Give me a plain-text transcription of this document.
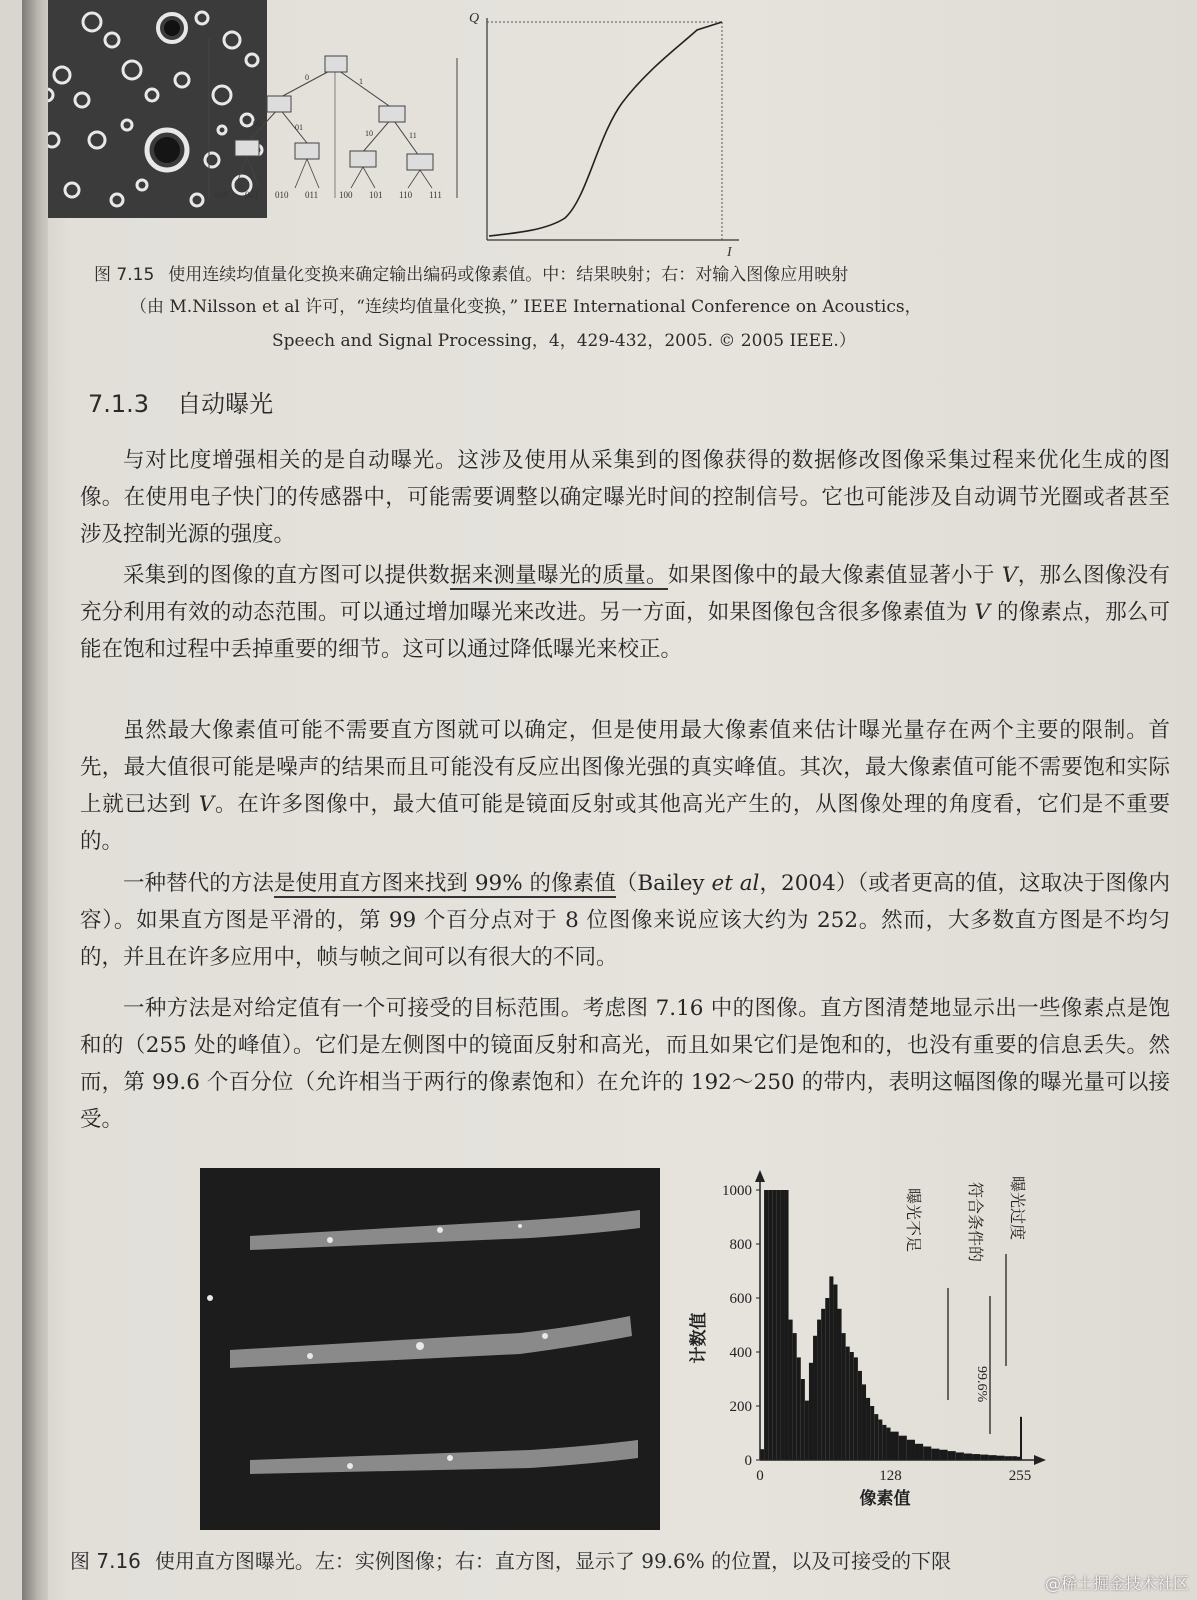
0	1
00	01
10	11
000 001 010 011 100 101 110 111
Q
I
图 7.15 使用连续均值量化变换来确定输出编码或像素值。中：结果映射；右：对输入图像应用映射
（由 M.Nilsson et al 许可，“连续均值量化变换，” IEEE International Conference on Acoustics，
Speech and Signal Processing，4，429-432，2005. © 2005 IEEE.）
7.1.3 自动曝光

与对比度增强相关的是自动曝光。这涉及使用从采集到的图像获得的数据修改图像采集过程来优化生成的图像。在使用电子快门的传感器中，可能需要调整以确定曝光时间的控制信号。它也可能涉及自动调节光圈或者甚至涉及控制光源的强度。

采集到的图像的直方图可以提供数据来测量曝光的质量。如果图像中的最大像素值显著小于 V，那么图像没有充分利用有效的动态范围。可以通过增加曝光来改进。另一方面，如果图像包含很多像素值为 V 的像素点，那么可能在饱和过程中丢掉重要的细节。这可以通过降低曝光来校正。

虽然最大像素值可能不需要直方图就可以确定，但是使用最大像素值来估计曝光量存在两个主要的限制。首先，最大值很可能是噪声的结果而且可能没有反应出图像光强的真实峰值。其次，最大像素值可能不需要饱和实际上就已达到 V。在许多图像中，最大值可能是镜面反射或其他高光产生的，从图像处理的角度看，它们是不重要的。

一种替代的方法是使用直方图来找到 99% 的像素值（Bailey et al，2004）（或者更高的值，这取决于图像内容）。如果直方图是平滑的，第 99 个百分点对于 8 位图像来说应该大约为 252。然而，大多数直方图是不均匀的，并且在许多应用中，帧与帧之间可以有很大的不同。

一种方法是对给定值有一个可接受的目标范围。考虑图 7.16 中的图像。直方图清楚地显示出一些像素点是饱和的（255 处的峰值）。它们是左侧图中的镜面反射和高光，而且如果它们是饱和的，也没有重要的信息丢失。然而，第 99.6 个百分位（允许相当于两行的像素饱和）在允许的 192～250 的带内，表明这幅图像的曝光量可以接受。

0
200
400
600
800
1000
0	128	255
计数值
像素值
曝光不足	符合条件的 曝光过度
99.6%
图 7.16 使用直方图曝光。左：实例图像；右：直方图，显示了 99.6% 的位置，以及可接受的下限
@稀土掘金技术社区
